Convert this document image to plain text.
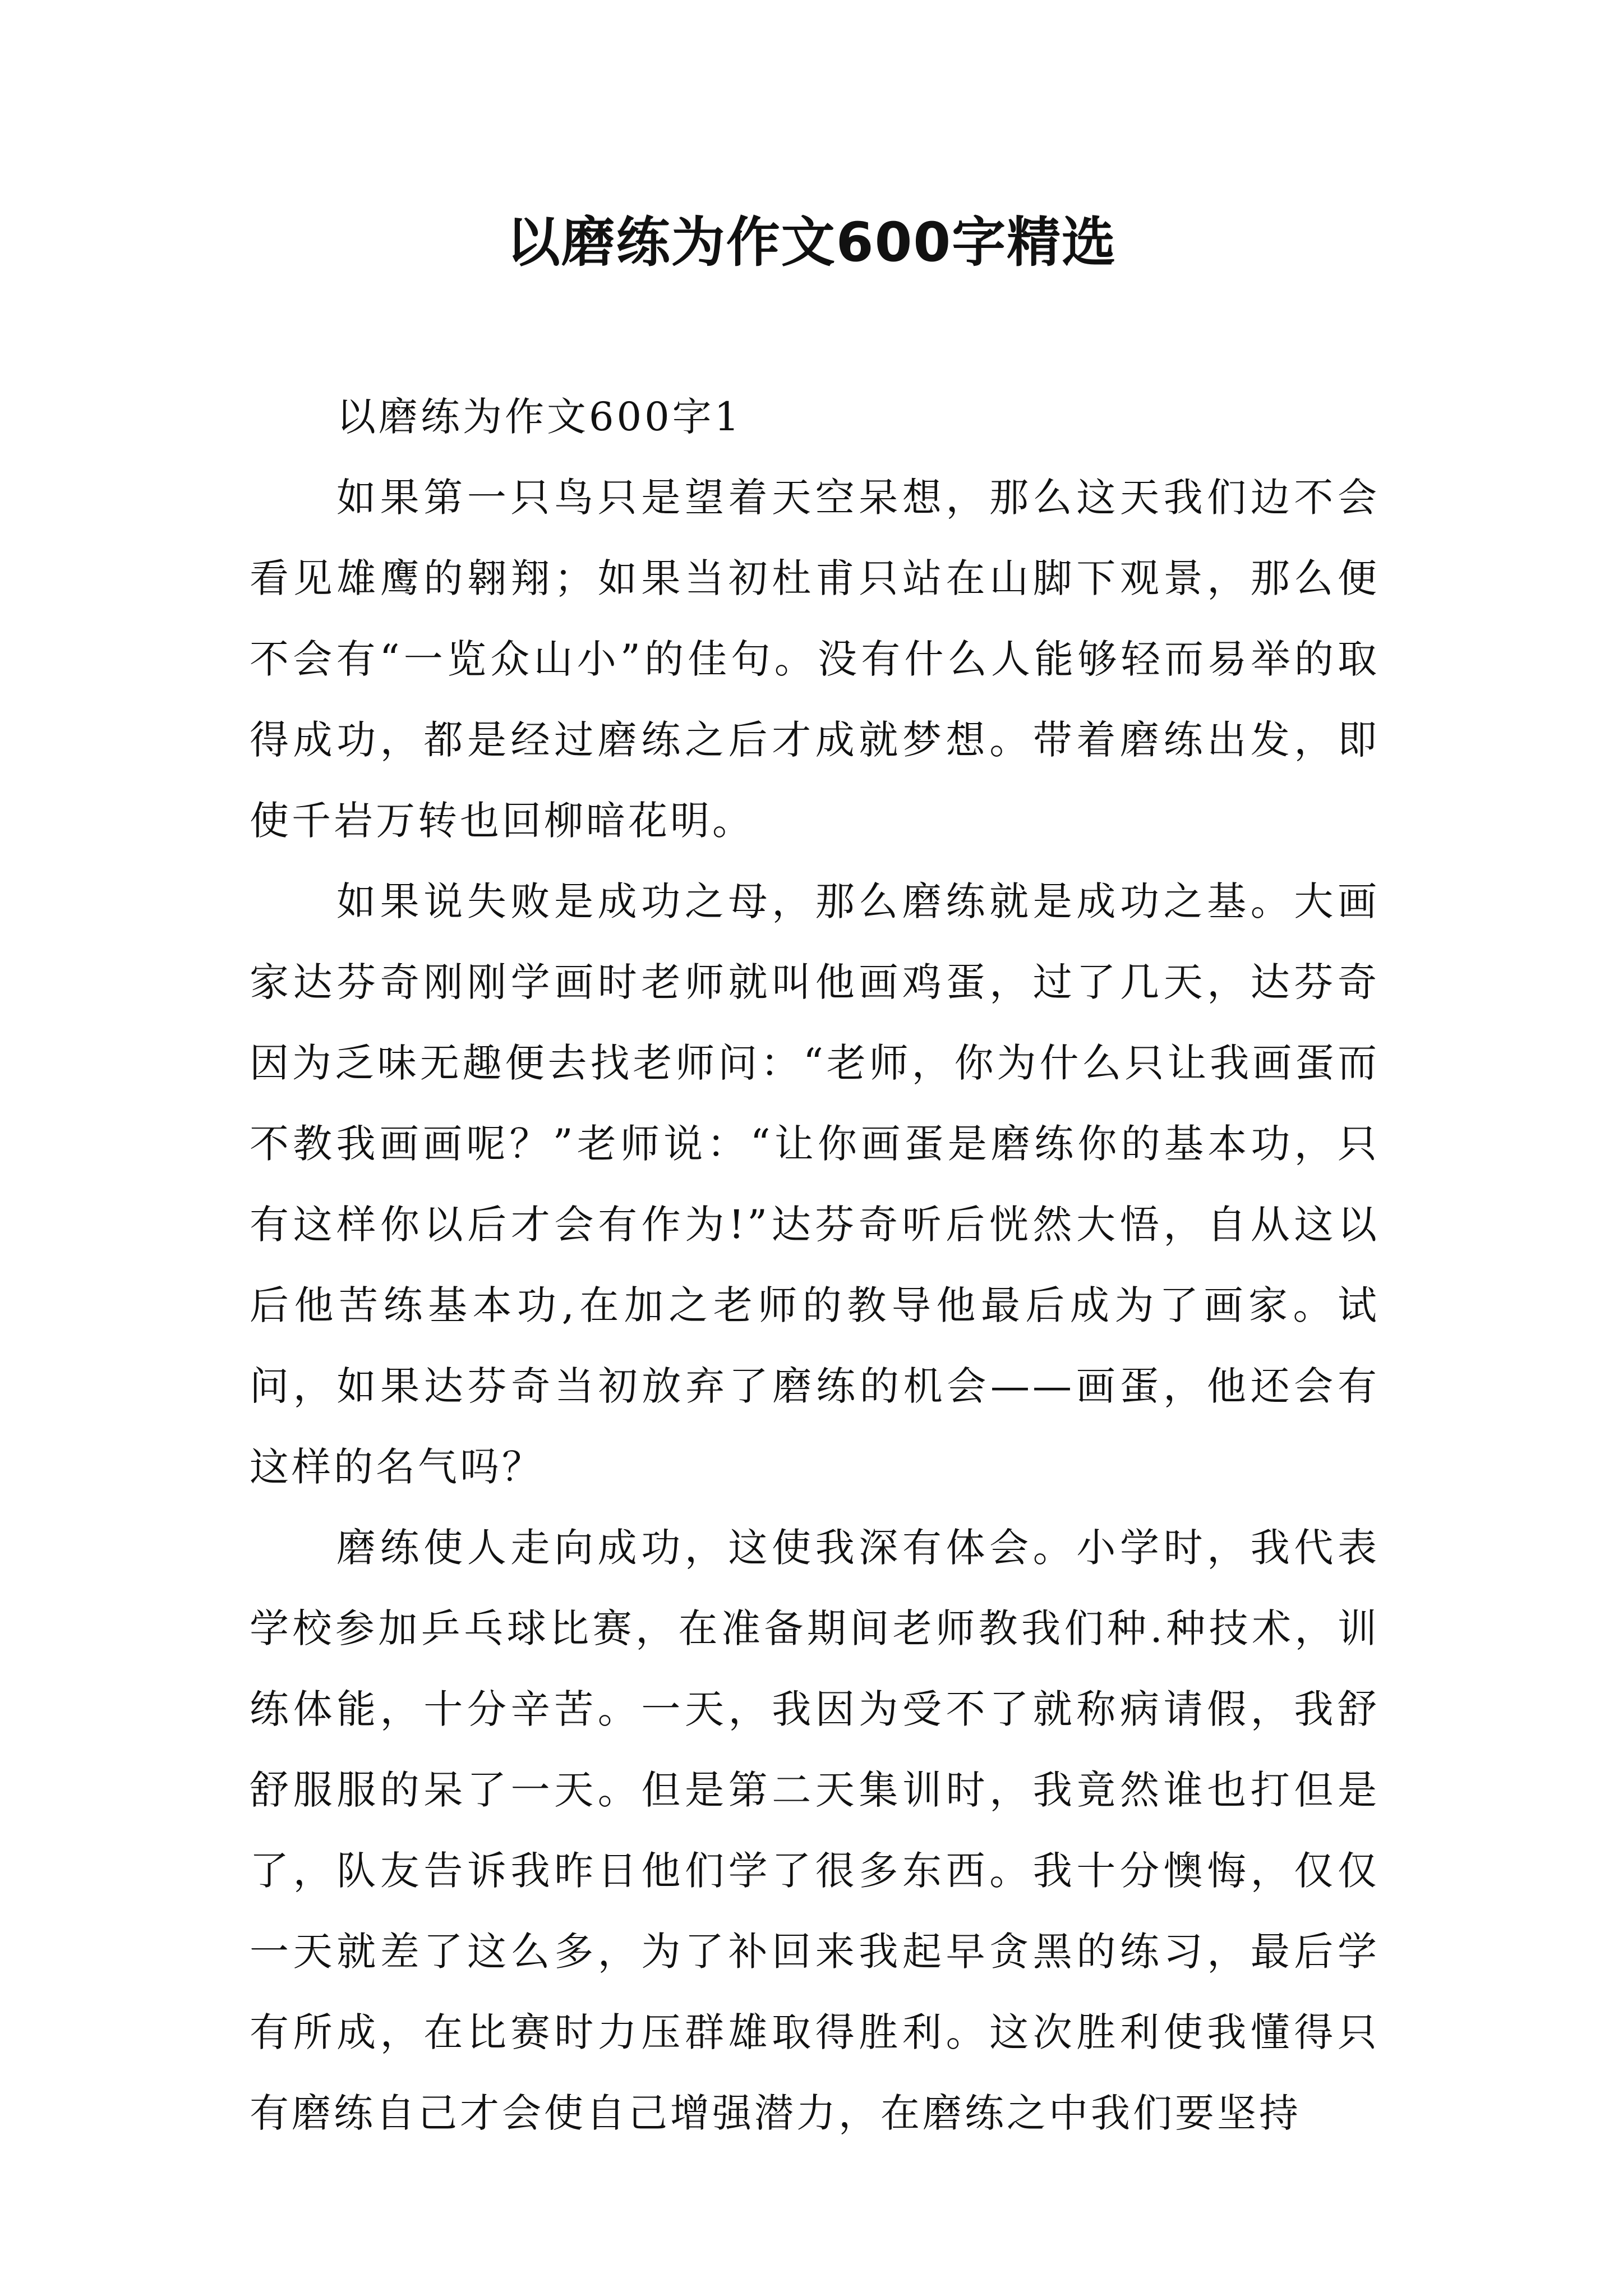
以磨练为作文600字精选

以磨练为作文600字1

如果第一只鸟只是望着天空呆想，那么这天我们边不会看见雄鹰的翱翔；如果当初杜甫只站在山脚下观景，那么便不会有“一览众山小”的佳句。没有什么人能够轻而易举的取得成功，都是经过磨练之后才成就梦想。带着磨练出发，即使千岩万转也回柳暗花明。

如果说失败是成功之母，那么磨练就是成功之基。大画家达芬奇刚刚学画时老师就叫他画鸡蛋，过了几天，达芬奇因为乏味无趣便去找老师问：“老师，你为什么只让我画蛋而不教我画画呢？”老师说：“让你画蛋是磨练你的基本功，只有这样你以后才会有作为!”达芬奇听后恍然大悟，自从这以后他苦练基本功,在加之老师的教导他最后成为了画家。试问，如果达芬奇当初放弃了磨练的机会——画蛋，他还会有这样的名气吗？

磨练使人走向成功，这使我深有体会。小学时，我代表学校参加乒乓球比赛，在准备期间老师教我们种.种技术，训练体能，十分辛苦。一天，我因为受不了就称病请假，我舒舒服服的呆了一天。但是第二天集训时，我竟然谁也打但是了，队友告诉我昨日他们学了很多东西。我十分懊悔，仅仅一天就差了这么多，为了补回来我起早贪黑的练习，最后学有所成，在比赛时力压群雄取得胜利。这次胜利使我懂得只有磨练自己才会使自己增强潜力，在磨练之中我们要坚持
